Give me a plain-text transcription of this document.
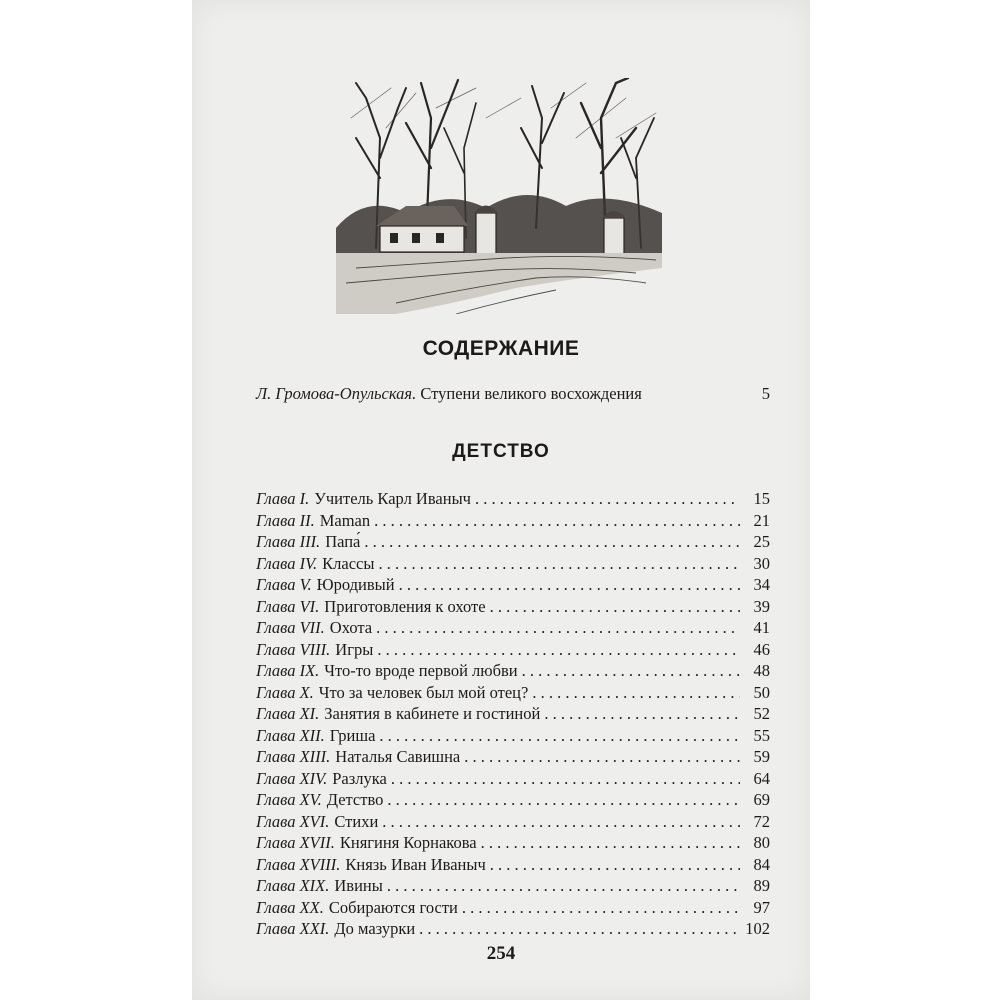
СОДЕРЖАНИЕ
Л. Громова-Опульская. Ступени великого восхождения	5
ДЕТСТВО
Глава I. Учитель Карл Иваныч . . .	15
Глава II. Maman . . .	21
Глава III. Папа́ . . .	25
Глава IV. Классы . . .	30
Глава V. Юродивый . . .	34
Глава VI. Приготовления к охоте . . .	39
Глава VII. Охота . . .	41
Глава VIII. Игры . . .	46
Глава IX. Что-то вроде первой любви . . .	48
Глава X. Что за человек был мой отец? . . .	50
Глава XI. Занятия в кабинете и гостиной . . .	52
Глава XII. Гриша . . .	55
Глава XIII. Наталья Савишна . . .	59
Глава XIV. Разлука . . .	64
Глава XV. Детство . . .	69
Глава XVI. Стихи . . .	72
Глава XVII. Княгиня Корнакова . . .	80
Глава XVIII. Князь Иван Иваныч . . .	84
Глава XIX. Ивины . . .	89
Глава XX. Собираются гости . . .	97
Глава XXI. До мазурки . . .	102
254
